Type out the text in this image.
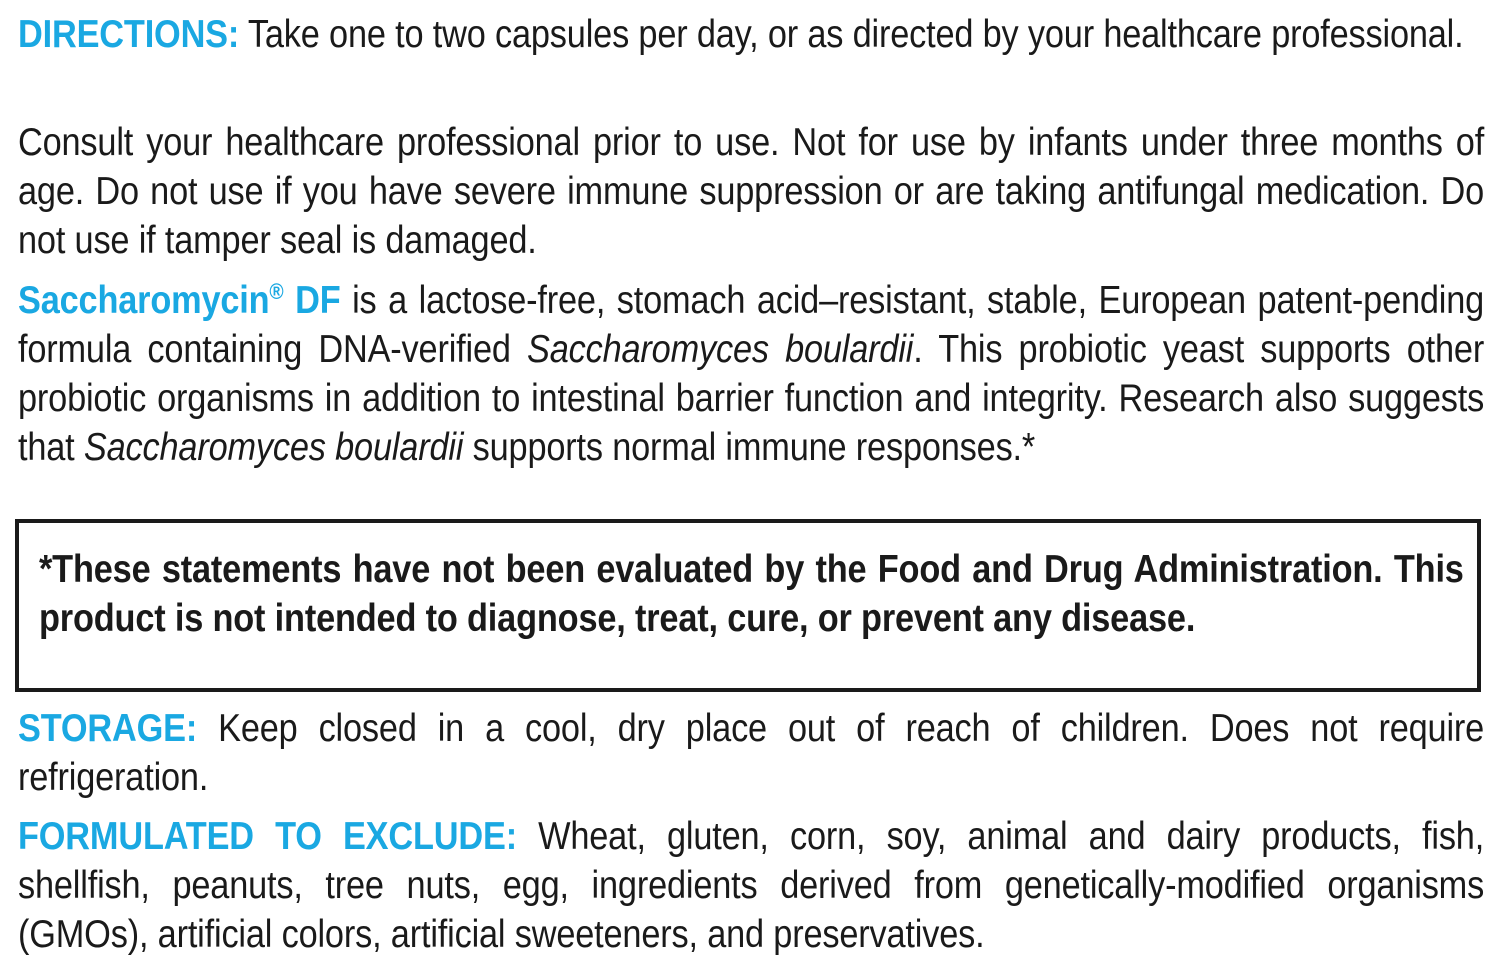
DIRECTIONS: Take one to two capsules per day, or as directed by your healthcare professional.

Consult your healthcare professional prior to use. Not for use by infants under three months of age. Do not use if you have severe immune suppression or are taking antifungal medication. Do not use if tamper seal is damaged.

Saccharomycin® DF is a lactose-free, stomach acid–resistant, stable, European patent-pending formula containing DNA-verified Saccharomyces boulardii. This probiotic yeast supports other probiotic organisms in addition to intestinal barrier function and integrity. Research also suggests that Saccharomyces boulardii supports normal immune responses.*

*These statements have not been evaluated by the Food and Drug Administration. This product is not intended to diagnose, treat, cure, or prevent any disease.

STORAGE: Keep closed in a cool, dry place out of reach of children. Does not require refrigeration.

FORMULATED TO EXCLUDE: Wheat, gluten, corn, soy, animal and dairy products, fish, shellfish, peanuts, tree nuts, egg, ingredients derived from genetically-modified organisms (GMOs), artificial colors, artificial sweeteners, and preservatives.
